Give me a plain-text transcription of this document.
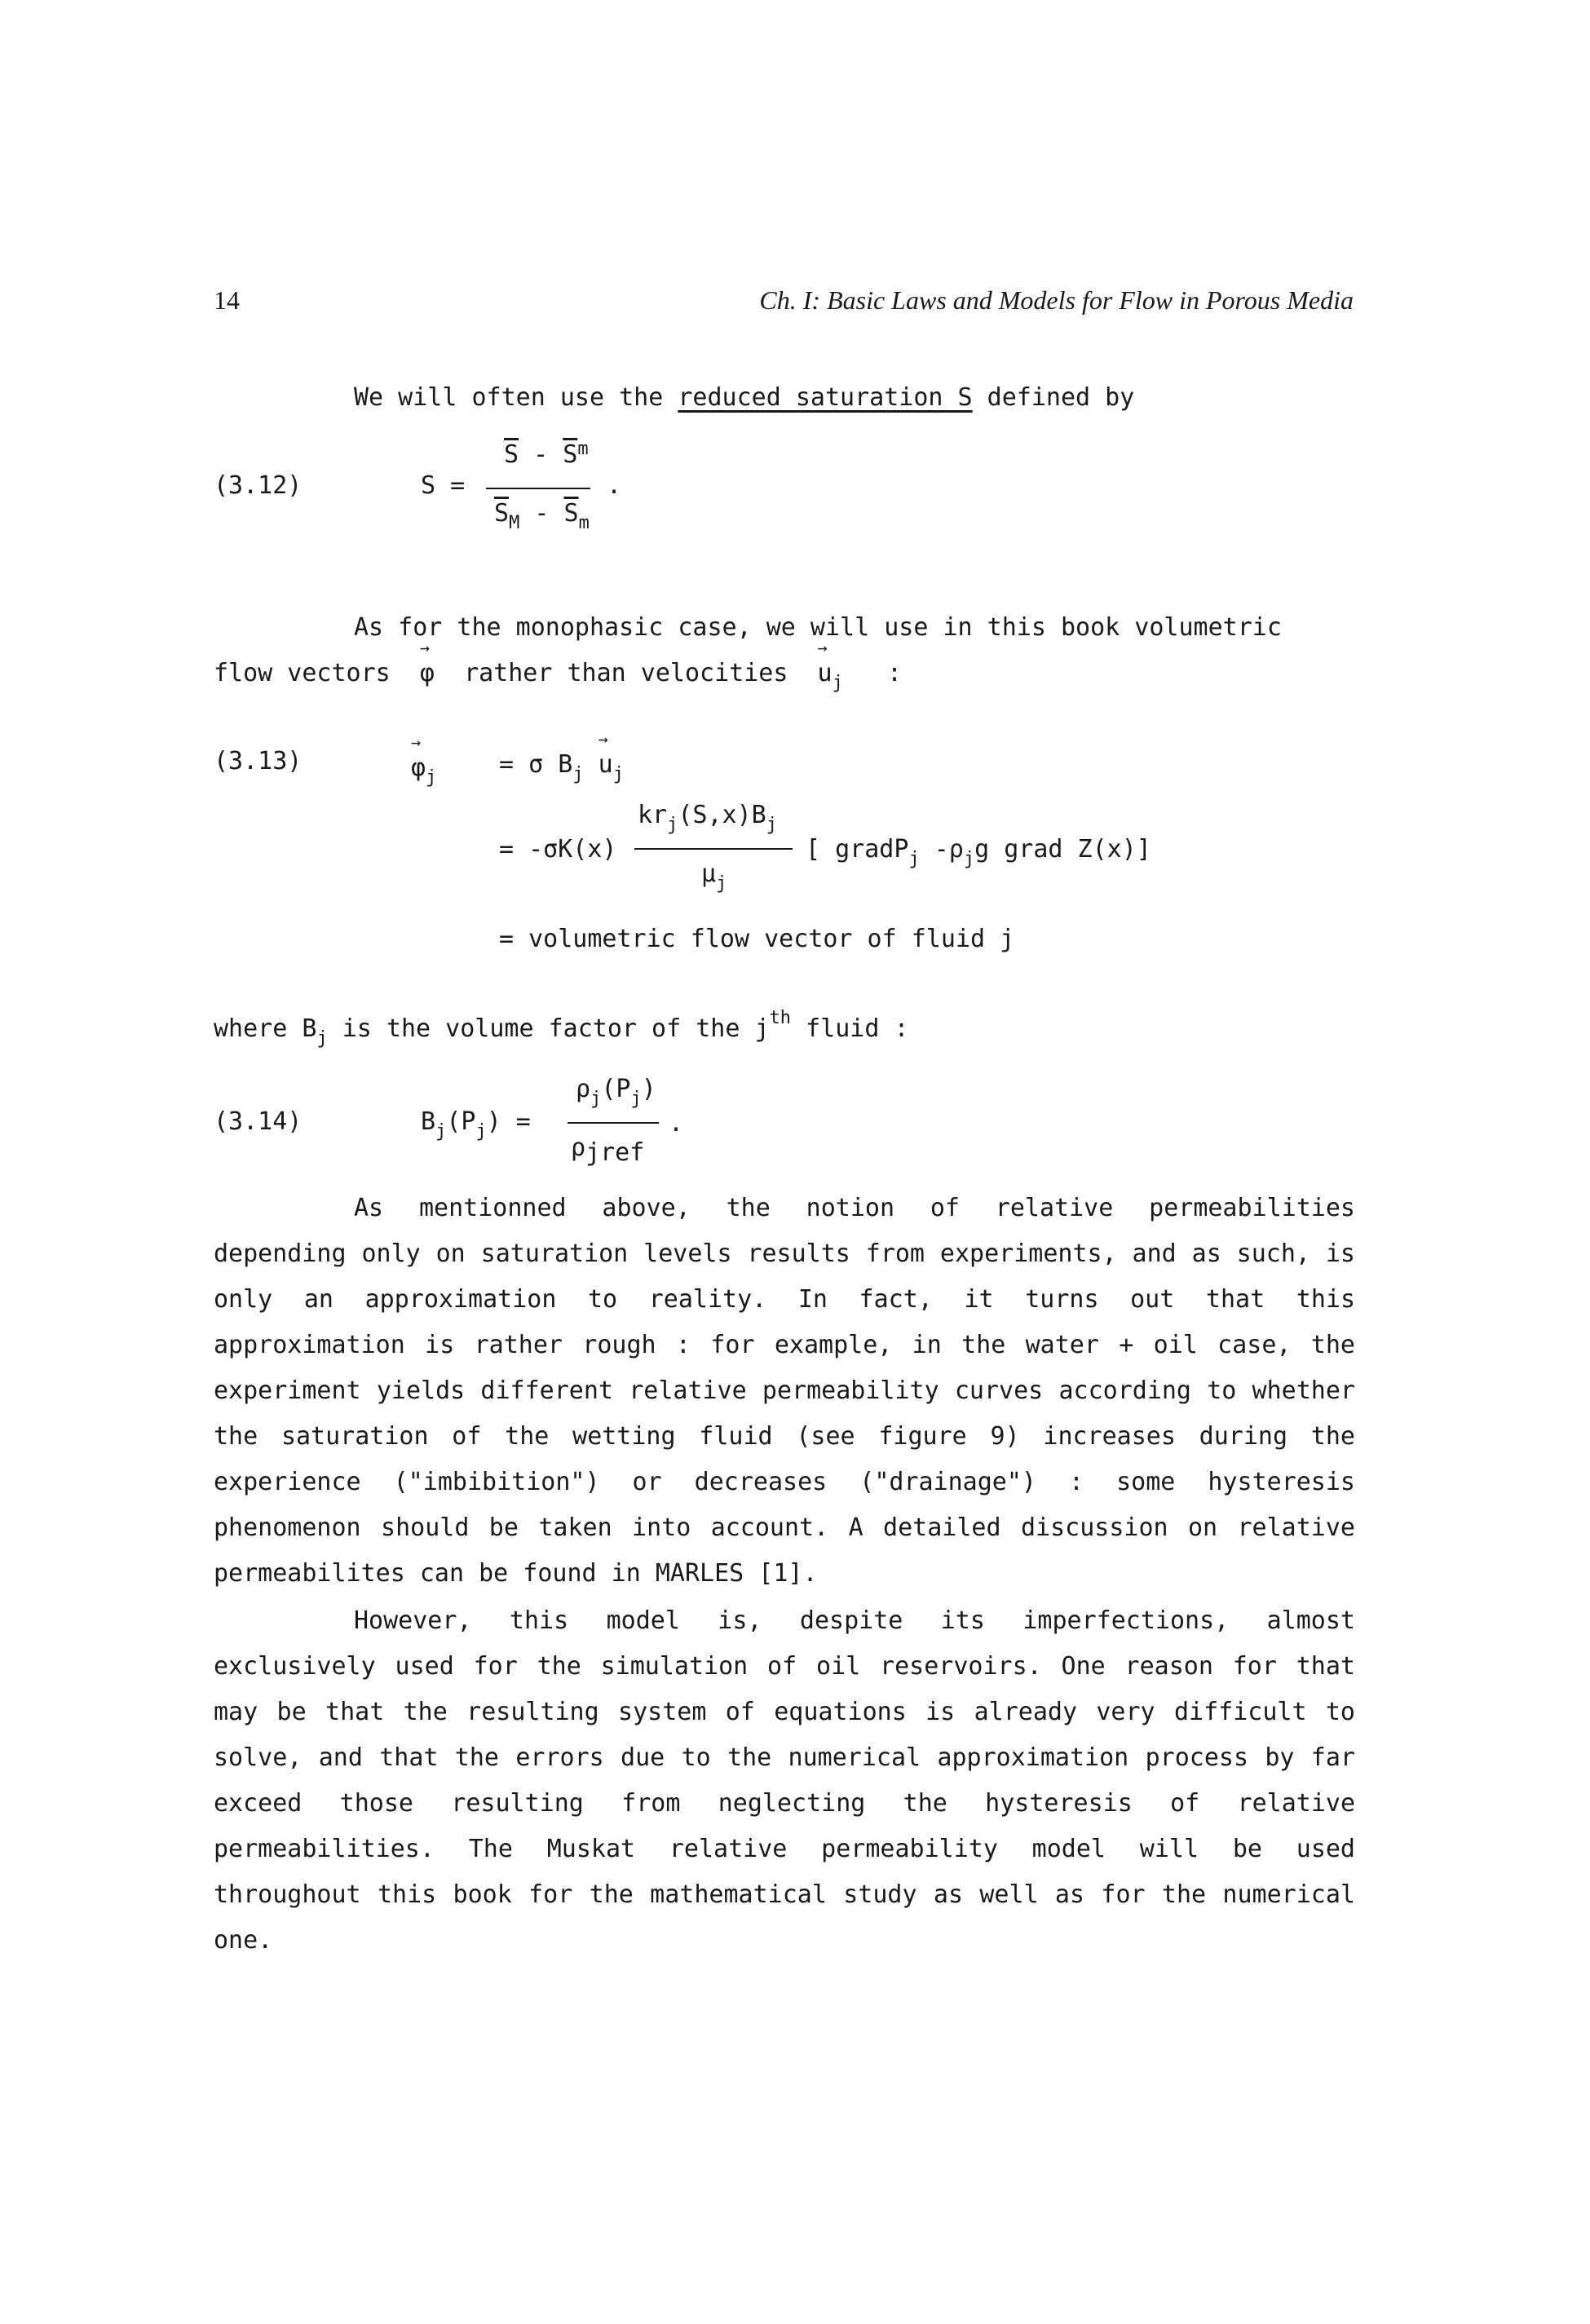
14	Ch. I: Basic Laws and Models for Flow in Porous Media
We will often use the reduced saturation S defined by
(3.12)	S =
$\overline{S} - \overline{S}^m$
$\overline{S}_M - \overline{S}_m$
.
As for the monophasic case, we will use in this book volumetric
flow vectors → φ rather than velocities → $u_j$ :
(3.13)	→ $\varphi_j$	= σ $B_j \to u_j$
= -σK(x)
$kr_j(S,x)B_j$
$\mu_j$
[ gradP$_j$ $-\rho_jg$ grad Z(x)]
= volumetric flow vector of fluid j
where $B_j$ is the volume factor of the $j^{th}$ fluid :
(3.14)	$B_j(P_j)$ =
$\rho_j(P_j)$
ρjref
.
As mentionned above, the notion of relative permeabilities depending only on saturation levels results from experiments, and as such, is only an approximation to reality. In fact, it turns out that this approximation is rather rough : for example, in the water + oil case, the experiment yields different relative permeability curves according to whether the saturation of the wetting fluid (see figure 9) increases during the experience ("imbibition") or decreases ("drainage") : some hysteresis phenomenon should be taken into account. A detailed discussion on relative permeabilites can be found in MARLES [1].
However, this model is, despite its imperfections, almost exclusively used for the simulation of oil reservoirs. One reason for that may be that the resulting system of equations is already very difficult to solve, and that the errors due to the numerical approximation process by far exceed those resulting from neglecting the hysteresis of relative permeabilities. The Muskat relative permeability model will be used throughout this book for the mathematical study as well as for the numerical one.
